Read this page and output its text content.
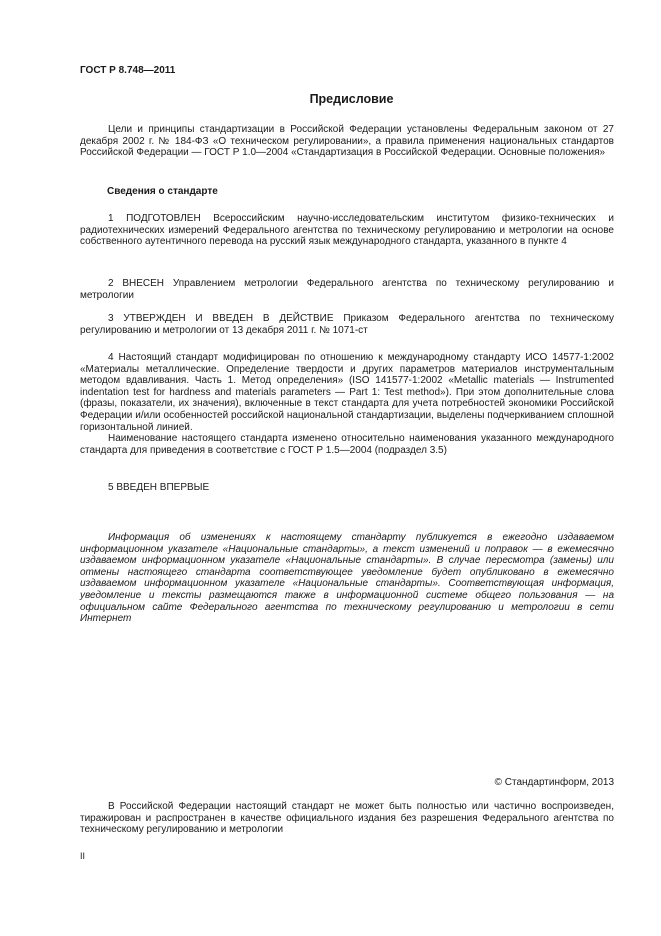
ГОСТ Р 8.748—2011
Предисловие

Цели и принципы стандартизации в Российской Федерации установлены Федеральным законом от 27 декабря 2002 г. № 184-ФЗ «О техническом регулировании», а правила применения национальных стандартов Российской Федерации — ГОСТ Р 1.0—2004 «Стандартизация в Российской Федерации. Основные положения»

Сведения о стандарте

1 ПОДГОТОВЛЕН Всероссийским научно-исследовательским институтом физико-технических и радиотехнических измерений Федерального агентства по техническому регулированию и метрологии на основе собственного аутентичного перевода на русский язык международного стандарта, указанного в пункте 4

2 ВНЕСЕН Управлением метрологии Федерального агентства по техническому регулированию и метрологии

3 УТВЕРЖДЕН И ВВЕДЕН В ДЕЙСТВИЕ Приказом Федерального агентства по техническому регулированию и метрологии от 13 декабря 2011 г. № 1071-ст

4 Настоящий стандарт модифицирован по отношению к международному стандарту ИСО 14577-1:2002 «Материалы металлические. Определение твердости и других параметров материалов инструментальным методом вдавливания. Часть 1. Метод определения» (ISO 141577-1:2002 «Metallic materials — Instrumented indentation test for hardness and materials parameters — Part 1: Test method»). При этом дополнительные слова (фразы, показатели, их значения), включенные в текст стандарта для учета потребностей экономики Российской Федерации и/или особенностей российской национальной стандартизации, выделены подчеркиванием сплошной горизонтальной линией.

Наименование настоящего стандарта изменено относительно наименования указанного международного стандарта для приведения в соответствие с ГОСТ Р 1.5—2004 (подраздел 3.5)

5 ВВЕДЕН ВПЕРВЫЕ

Информация об изменениях к настоящему стандарту публикуется в ежегодно издаваемом информационном указателе «Национальные стандарты», а текст изменений и поправок — в ежемесячно издаваемом информационном указателе «Национальные стандарты». В случае пересмотра (замены) или отмены настоящего стандарта соответствующее уведомление будет опубликовано в ежемесячно издаваемом информационном указателе «Национальные стандарты». Соответствующая информация, уведомление и тексты размещаются также в информационной системе общего пользования — на официальном сайте Федерального агентства по техническому регулированию и метрологии в сети Интернет

© Стандартинформ, 2013

В Российской Федерации настоящий стандарт не может быть полностью или частично воспроизведен, тиражирован и распространен в качестве официального издания без разрешения Федерального агентства по техническому регулированию и метрологии

II
